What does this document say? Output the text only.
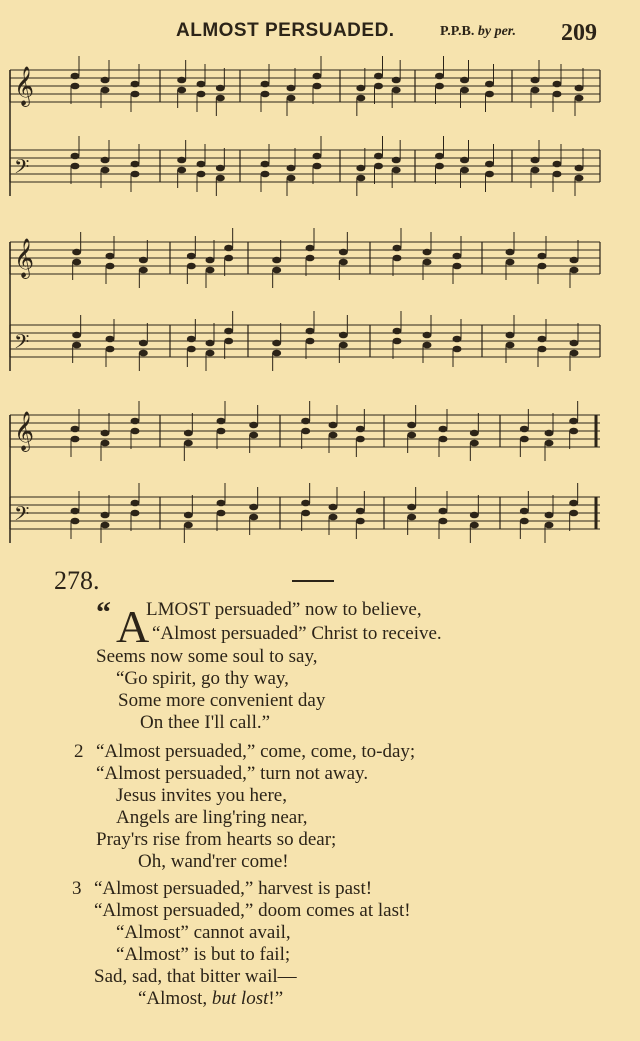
ALMOST PERSUADED.	P.P.B. by per. 209
𝄞
𝄢
𝄞
𝄢
𝄞
𝄢
278.
“ A
LMOST persuaded” now to believe,
“Almost persuaded” Christ to receive.
Seems now some soul to say,
“Go spirit, go thy way,
Some more convenient day
On thee I'll call.”
2 “Almost persuaded,” come, come, to-day;
“Almost persuaded,” turn not away.
Jesus invites you here,
Angels are ling'ring near,
Pray'rs rise from hearts so dear;
Oh, wand'rer come!
3 “Almost persuaded,” harvest is past!
“Almost persuaded,” doom comes at last!
“Almost” cannot avail,
“Almost” is but to fail;
Sad, sad, that bitter wail—
“Almost, but lost!”
